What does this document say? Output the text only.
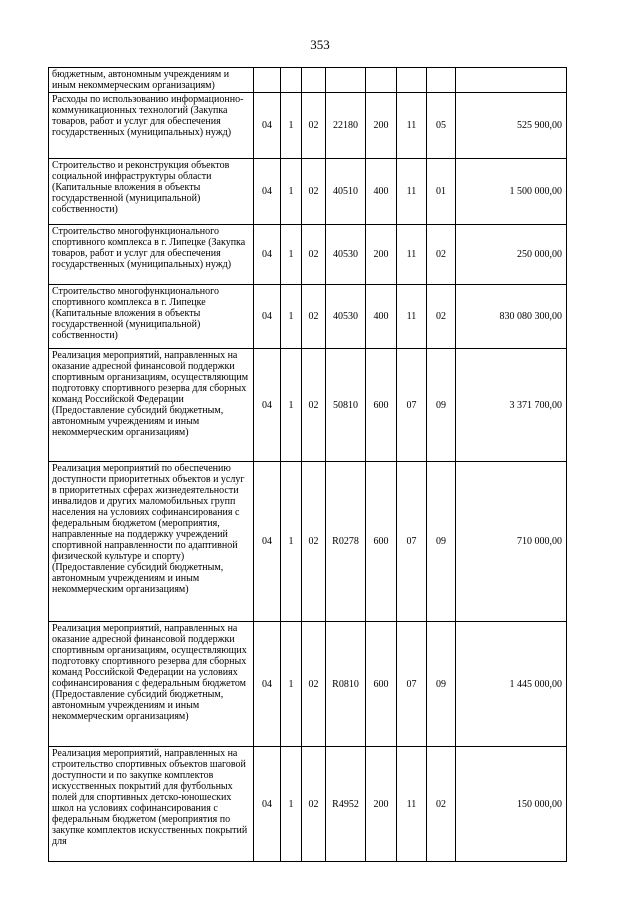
353
бюджетным, автономным учреждениям и иным некоммерческим организациям)								
Расходы по использованию информационно-коммуникационных технологий (Закупка товаров, работ и услуг для обеспечения государственных (муниципальных) нужд)	04	1	02	22180	200	11	05	525 900,00
Строительство и реконструкция объектов социальной инфраструктуры области (Капитальные вложения в объекты государственной (муниципальной) собственности)	04	1	02	40510	400	11	01	1 500 000,00
Строительство многофункционального спортивного комплекса в г. Липецке (Закупка товаров, работ и услуг для обеспечения государственных (муниципальных) нужд)	04	1	02	40530	200	11	02	250 000,00
Строительство многофункционального спортивного комплекса в г. Липецке (Капитальные вложения в объекты государственной (муниципальной) собственности)	04	1	02	40530	400	11	02	830 080 300,00
Реализация мероприятий, направленных на оказание адресной финансовой поддержки спортивным организациям, осуществляющим подготовку спортивного резерва для сборных команд Российской Федерации (Предоставление субсидий бюджетным, автономным учреждениям и иным некоммерческим организациям)	04	1	02	50810	600	07	09	3 371 700,00
Реализация мероприятий по обеспечению доступности приоритетных объектов и услуг в приоритетных сферах жизнедеятельности инвалидов и других маломобильных групп населения на условиях софинансирования с федеральным бюджетом (мероприятия, направленные на поддержку учреждений спортивной направленности по адаптивной физической культуре и спорту) (Предоставление субсидий бюджетным, автономным учреждениям и иным некоммерческим организациям)	04	1	02	R0278	600	07	09	710 000,00
Реализация мероприятий, направленных на оказание адресной финансовой поддержки спортивным организациям, осуществляющих подготовку спортивного резерва для сборных команд Российской Федерации на условиях софинансирования с федеральным бюджетом (Предоставление субсидий бюджетным, автономным учреждениям и иным некоммерческим организациям)	04	1	02	R0810	600	07	09	1 445 000,00
Реализация мероприятий, направленных на строительство спортивных объектов шаговой доступности и по закупке комплектов искусственных покрытий для футбольных полей для спортивных детско-юношеских школ на условиях софинансирования с федеральным бюджетом (мероприятия по закупке комплектов искусственных покрытий для	04	1	02	R4952	200	11	02	150 000,00
